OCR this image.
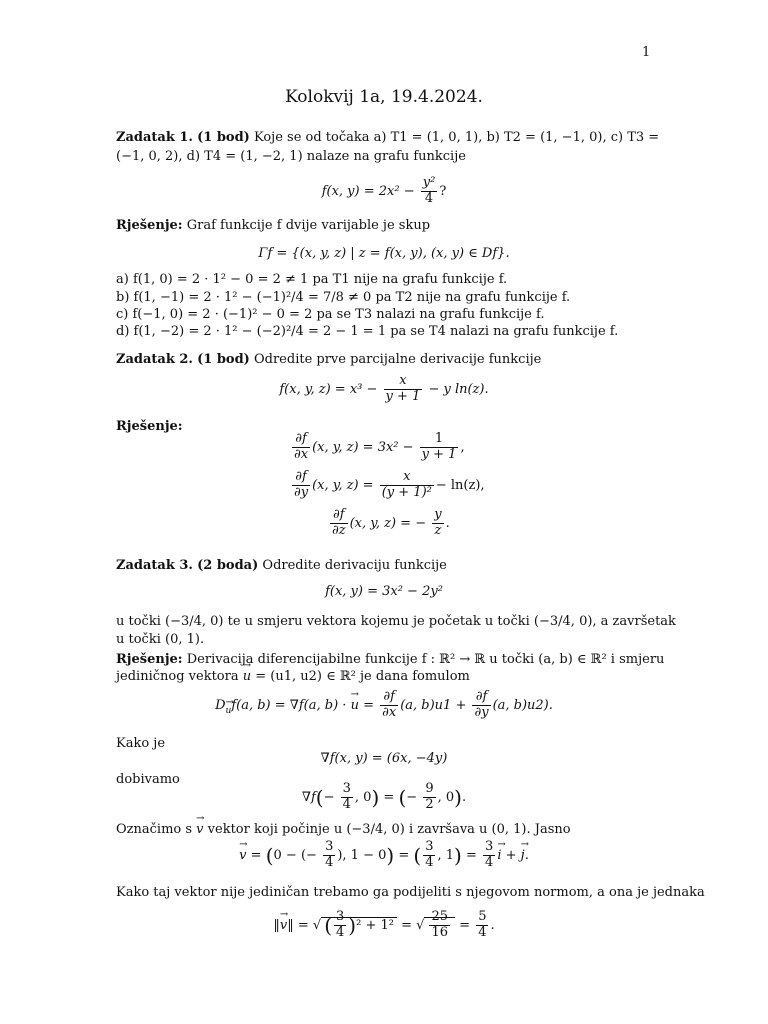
1
Kolokvij 1a, 19.4.2024.
Zadatak 1. (1 bod) Koje se od točaka a) T1 = (1, 0, 1), b) T2 = (1, −1, 0), c) T3 =
(−1, 0, 2), d) T4 = (1, −2, 1) nalaze na grafu funkcije
f(x, $y) = 2x^2 - \frac{\text{y²}}{4}$ ?
Rješenje: Graf funkcije f dvije varijable je skup
Γf = {(x, y, z) | z = f(x, y), (x, y) ∈ Df}.
a) f(1, 0) = 2 · 1² − 0 = 2 ≠ 1 pa T1 nije na grafu funkcije f.
b) f(1, −1) = 2 · 1² − (−1)²/4 = 7/8 ≠ 0 pa T2 nije na grafu funkcije f.
c) f(−1, 0) = 2 · (−1)² − 0 = 2 pa se T3 nalazi na grafu funkcije f.
d) f(1, −2) = 2 · 1² − (−2)²/4 = 2 − 1 = 1 pa se T4 nalazi na grafu funkcije f.
Zadatak 2. (1 bod) Odredite prve parcijalne derivacije funkcije
f(x, y, $z) = x^3 - \frac{x}{y + 1} - y$ ln(z).
Rješenje:
$\frac{\partial f}{\partial x} (x$, y, $z) = 3x^2 - \frac{1}{y + 1}$ ,
$\frac{\partial f}{\partial y} (x$, y, $z) = \frac{x}{\text{(y + 1)²}} - \ln(z)$,
$\frac{\partial f}{\partial z} (x$, y, z) = − $\frac{y}{z}$ .
Zadatak 3. (2 boda) Odredite derivaciju funkcije
f(x, y) = 3x² − 2y²
u točki (−3/4, 0) te u smjeru vektora kojemu je početak u točki (−3/4, 0), a završetak
u točki (0, 1).
Rješenje: Derivacija diferencijabilne funkcije f : ℝ² → ℝ u točki (a, b) ∈ ℝ² i smjeru
jediničnog vektora → u = (u1, u2) ∈ ℝ² je dana fomulom
D→ $_u$f(a, b) = ∇f(a, b) · → $u = \frac{\partial f}{\partial x} (a$, $b)u1 + \frac{\partial f}{\partial y} (a$, b)u2).
Kako je
∇f(x, y) = (6x, −4y)
dobivamo
$\nabla f(- \frac{3}{4}$ , 0) = (− $\frac{9}{2}$ , 0).
Označimo s → v vektor koji počinje u (−3/4, 0) i završava u (0, 1). Jasno
→ v = (0 − (− $\frac{3}{4}$ ), 1 − 0) = ( $\frac{3}{4}$ , $1) = \frac{3}{4}$
→ i + → j.
Kako taj vektor nije jediničan trebamo ga podijeliti s njegovom normom, a ona je jednaka
‖→ v‖ = √ ( $\frac{3}{4} )^2 + 1^2$ = √ $\frac{25}{16} = \frac{5}{4}$ .
